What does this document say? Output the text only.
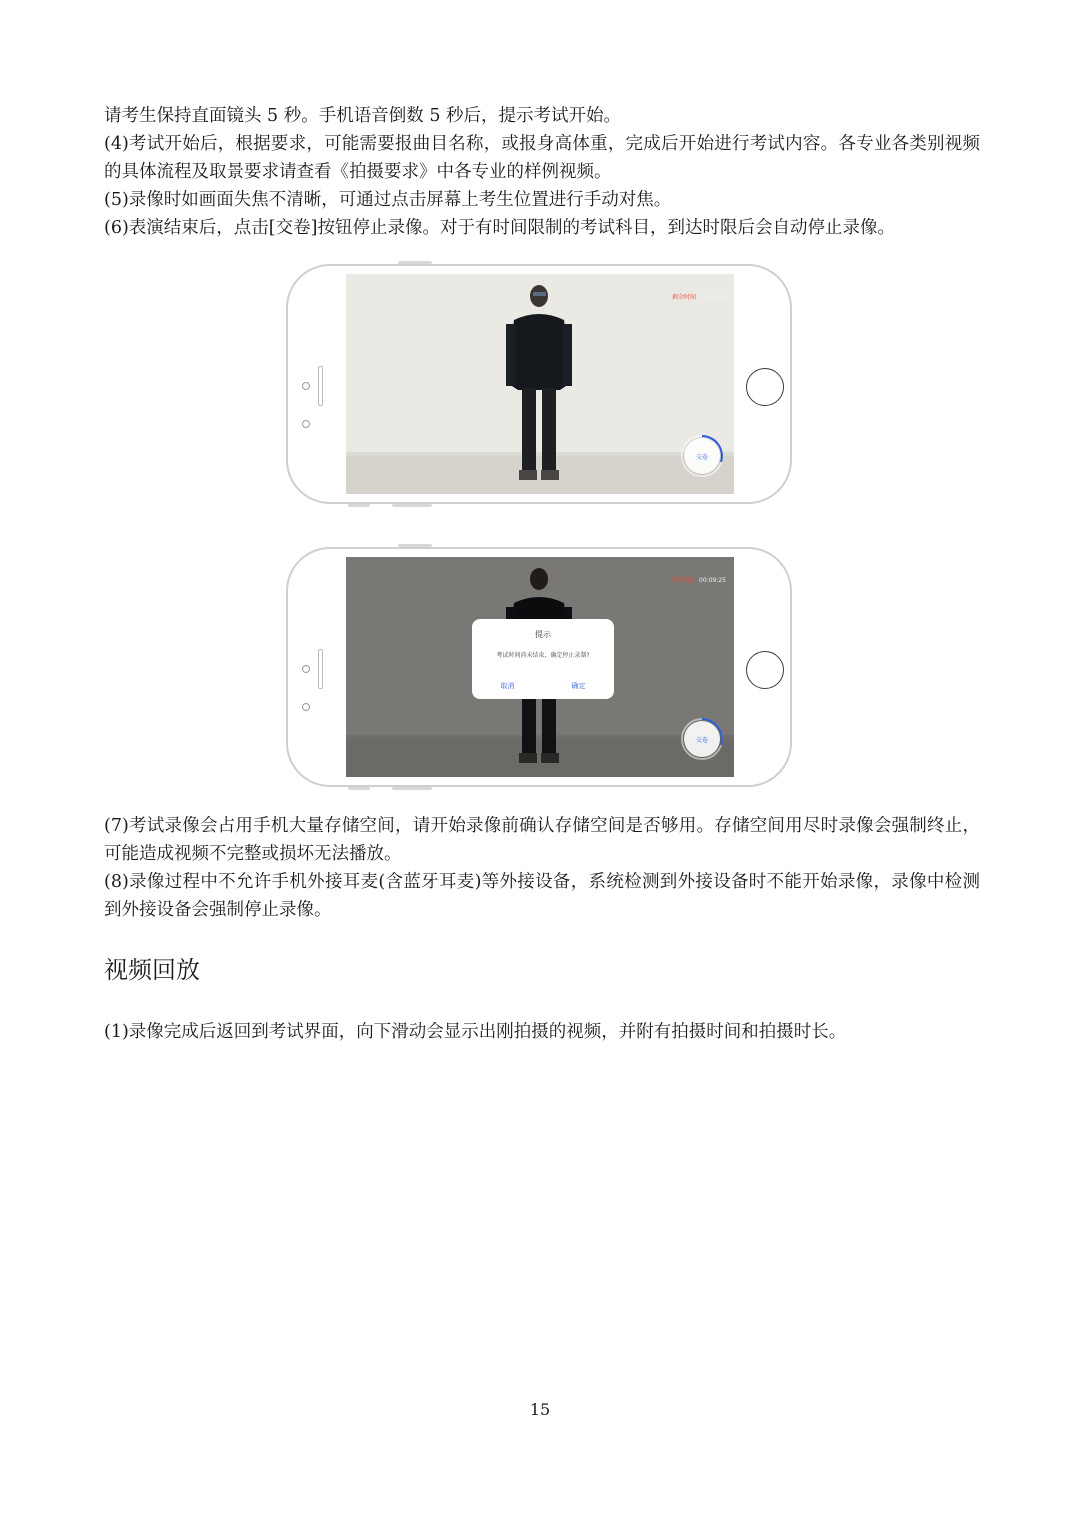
请考生保持直面镜头 5 秒。手机语音倒数 5 秒后，提示考试开始。

(4)考试开始后，根据要求，可能需要报曲目名称，或报身高体重，完成后开始进行考试内容。各专业各类别视频的具体流程及取景要求请查看《拍摄要求》中各专业的样例视频。

(5)录像时如画面失焦不清晰，可通过点击屏幕上考生位置进行手动对焦。

(6)表演结束后，点击[交卷]按钮停止录像。对于有时间限制的考试科目，到达时限后会自动停止录像。

剩余时间 00:00:25
交卷
剩余时间 00:09:25
交卷
提示
考试时间尚未结束，确定停止录制?
取消	确定

(7)考试录像会占用手机大量存储空间，请开始录像前确认存储空间是否够用。存储空间用尽时录像会强制终止，可能造成视频不完整或损坏无法播放。

(8)录像过程中不允许手机外接耳麦(含蓝牙耳麦)等外接设备，系统检测到外接设备时不能开始录像，录像中检测到外接设备会强制停止录像。

视频回放

(1)录像完成后返回到考试界面，向下滑动会显示出刚拍摄的视频，并附有拍摄时间和拍摄时长。

15
